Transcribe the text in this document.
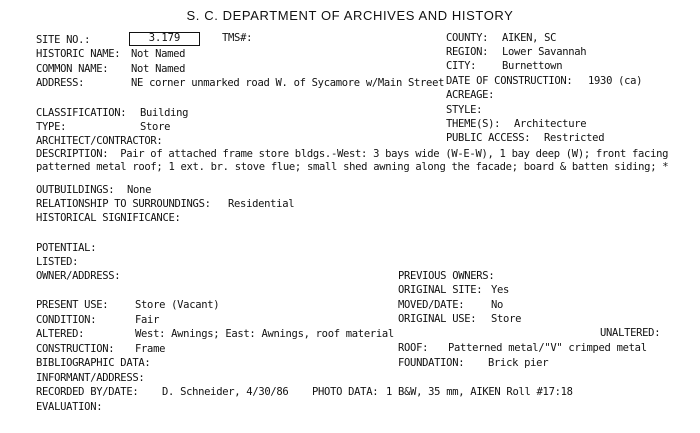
S. C. DEPARTMENT OF ARCHIVES AND HISTORY
SITE NO.:	3.179	TMS#:
HISTORIC NAME: Not Named
COMMON NAME: Not Named
ADDRESS:	NE corner unmarked road W. of Sycamore w/Main Street
CLASSIFICATION: Building
TYPE:	Store
ARCHITECT/CONTRACTOR:
DESCRIPTION: Pair of attached frame store bldgs.-West: 3 bays wide (W-E-W), 1 bay deep (W); front facing patterned metal roof; 1 ext. br. stove flue; small shed awning along the facade; board & batten siding; *
OUTBUILDINGS: None
RELATIONSHIP TO SURROUNDINGS: Residential
HISTORICAL SIGNIFICANCE:
POTENTIAL:
LISTED:
OWNER/ADDRESS:
PRESENT USE:	Store (Vacant)
CONDITION:	Fair
ALTERED:	West: Awnings; East: Awnings, roof material
CONSTRUCTION: Frame
BIBLIOGRAPHIC DATA:
INFORMANT/ADDRESS:
RECORDED BY/DATE: D. Schneider, 4/30/86
EVALUATION:
COUNTY: AIKEN, SC
REGION: Lower Savannah
CITY: Burnettown
DATE OF CONSTRUCTION: 1930 (ca)
ACREAGE:
STYLE:
THEME(S): Architecture
PUBLIC ACCESS: Restricted
PREVIOUS OWNERS:
ORIGINAL SITE: Yes
MOVED/DATE:	No
ORIGINAL USE: Store
UNALTERED:
ROOF: Patterned metal/"V" crimped metal
FOUNDATION: Brick pier
PHOTO DATA: 1 B&W, 35 mm, AIKEN Roll #17:18
